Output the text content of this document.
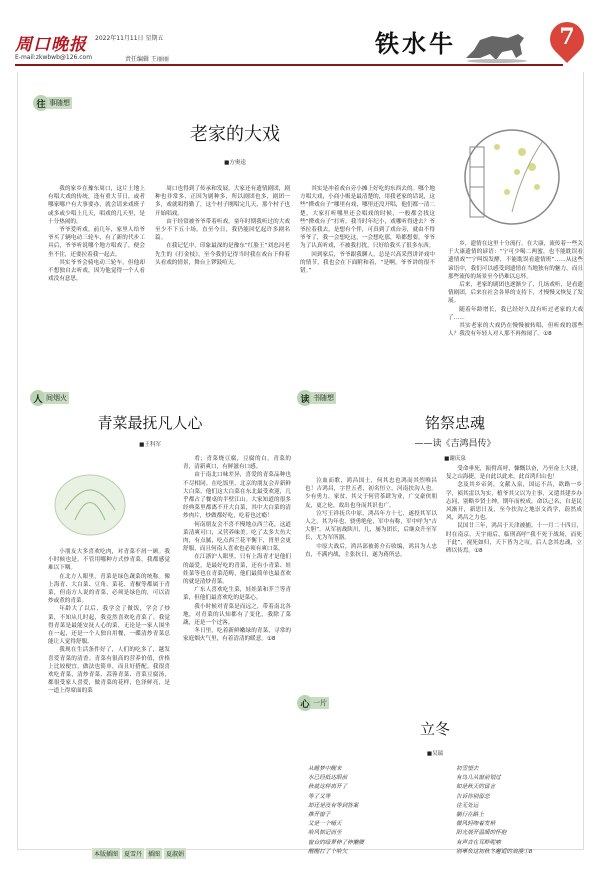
周口晚报
E-mail:zkwbwb@126.com
2022年11月11日 星期五
责任编辑 王丽丽
铁水牛	7
往 事随想
老家的大戏
■方奥逵

我的家乡在豫东周口，这片土地上有唱大戏的传统，逢有重大节日，或者哪家哪户有大事要办，就会请来戏班子或多或少唱上几天，唱戏的几天里，是十分热闹的。

爷爷爱听戏。前几年，家里人给爷爷买了辆电动三轮车，有了新的代步工具后，爷爷听说哪个地方唱戏了，便会坐不住，还要拉着我一起去。

其实爷爷会骑电动三轮车，但他却不想独自去听戏，因为他觉得一个人看戏没有意思。

周口也得到了传承和发展。大家还有遗情剧团，剧种也非常多，正因为剧种多，所以剧团也多，剧团一多，戏就唱得勤了，这个村子刚唱完几天，那个村子也开始唱戏。

由于经常被爷爷带着听戏，童年时期我听过的大戏至少不下五十场，直至今日，我仍能回忆起许多剧名篇。

在我记忆中，印象最深的是豫东“红脸王”刘忠河老先生的《打金枝》，至今我仍记得当时我在戏台下仰着头看戏的情景，舞台上锣鼓喧天。

其实是冲着戏台旁小摊上好吃的东西去的。哪个地方唱大戏，小商小贩是最清楚的，用我老家的话说，这些“撵戏台子”哪里有戏，哪里还没开唱，他们都一清二楚，大家打听哪里还会唱戏的时候，一般都会找这些“撵戏台子”打听。我当时年纪小，戏哪听得进去？爷爷拉着我去，是想有个伴，可真到了戏台旁，就由不得爷爷了，我一会想吃这，一会想吃那，哈都想要。爷爷为了认真听戏，不被我打扰，只好给我买了很多东西。

回到家后，爷爷跟我聊人，总是兴高采烈讲评戏中的情节，我也会在下面附和着，“是啊，爷爷讲的很不错。”

乡，遗情在这里十分流行。在大康，流传着一些关于大康遗情的谚语：“宁可少喝二两蜜，也不能耽误看遗情戏”“宁叫饭发酵，不能耽误看遗情班”……从这些谚语中，我们可以感受到遗情在当地独有的魅力，而且那些流传的场景至今仍难以忘怀。

后来，老家的剧团也逐渐少了，几场戏听，是看遗情剧团，后来在社会各界的支持下，才慢慢又恢复了发展。

随着年龄增长，我已经好久没有听过老家的大戏了……

其实老家的大戏仍在慢慢被转唱，但听戏的那些人？我没有年轻人对人那不再热闹了。①8

人 间烟火
青菜最抚凡人心
■王科军

小朋友大多喜欢吃肉，对青菜不屑一顾。我小时候也是，不管用哪种方式炒青菜，我都感觉难以下咽。

在北方人眼里，青菜是绿色蔬菜的统称。像上海青、大白菜、豆角、菜花、青椒等都属于青菜，但南方人说的青菜，必须是绿色的，可以清炒或煮的青菜。

年龄大了以后，我学会了做饭，学会了炒菜，不知从几时起，我竟然喜欢吃青菜了。我觉得青菜是最能安抚人心的菜，无论是一家人围坐在一起，还是一个人独自用餐，一碟清炒青菜总能让人觉得舒服。

我现在生活条件好了，人们的吃多了，越发喜爱青菜的清香。青菜有很高的营养价值，价格上比较便宜，做法也简单，而且好搭配。我很喜欢吃青菜，清炒青菜、蒜蓉青菜、青菜豆腐汤，都很受家人喜爱，做青菜的花样，色泽鲜亮，是一道上得席面的菜

肴；青菜烧豆腐，豆腐的白，青菜的青，清新爽口，有鲜滋有口感。

由于南北口味差异，喜爱的青菜品种也不尽相同。在吃饭里，北京的朋友会弄新鲜大白菜，他们这大白菜在东北最受欢迎，几乎都占了餐桌的半壁江山。大家知道的很多经典菜里都离不开大白菜，其中大白菜的清炒肉片，炒做都好吃，吃着也过瘾！

何南朋友会不喜不慢地点西兰花，这道菜清爽可口，又营养味美。吃了太多大鱼大肉，有点腻，吃点西兰花平衡下，胃里会更舒服，而且何南人喜欢也必须有爽口菜。

在江浙沪人眼里，只有上海青才是他们的最爱，是最好吃的青菜，还有小青菜、娃娃菜等也在青菜范畴，他们最简单也最喜欢的就是清炒青菜。

广东人喜欢吃生菜，娃娃菜和芥兰等青菜，但他们最喜欢吃的是菜心。

我小时候对青菜是而远之，带着南北各地，对青菜的认知都有了变化，我除了菜蔬，还是一个过客。

冬日里，吃着新鲜嫩绿的青菜，寻常的家庭烟火气里，有着清清的暖意。①8

本版插图	夏雪丹	插图	夏淑娟
读 书随想
铭祭忠魂
——读《吉鸿昌传》
■谢庆泉

泣血而歌，鸿昌国士，何其忠也鸿而其烈唯昌也！吉鸿昌，字世五者，初名恒立，河南扶沟人也。少有勇力，家贫，其父于何营茶肆为业，广交豪侠朋友，更之伦，故出也身而其识也广。

泣写王祥抚兵中原，鸿昌年方十七，遂投其军以人之。其为年也，骁勇绝伦，军中有称，军中呼为“吉大胆”。从军初战陕川，几，屡为团长，后继众升至军长，尤为军所器。

中原大战后，鸿昌部被蒋介石收编，鸿昌为人忠直，不满内战，主张抗日，遂为蒋所忌。

受命垂死，振臂高呼，慷慨以奋，乃至奋上大捷，复之山海捷，是自此以此来，此首鸿归山也！

念及其乡帝剑，文献入泉，国运不昌，欲路一乡学，祯其雷以为实，植爷其父以为主事，又遣其建乡办志同，别略乡贤士绅，期年而校成，命以己名，自是民风渐开，新思日及，至今扶沟之地崇文尚学，蔚然成风，鸿昌之力也。

民国廿三年，鸿昌于天津被捕，十一月二十四日，时在南京，天宇雨后，临刑高呼“我不死于战场，而死于此”，视死如归，天下皆为之叹，后人念其忠魂，立碑以传焉。①8

心 一片
立冬
■吴瑞
从睡梦中醒来
水已经抵达眼前
秋就这样离开了
等了又等
却还是没有等到答案
推开窗子
又是一个晴天
哈风惦记而至
窗台的绿萝伸了伸懒腰
醒醒打了个哈欠
初雪望去
有鸟儿从窗前划过
如是秋天的留言
告诉你别留恋
往无处远
躺行在路上
微风轻吻着发梢
阳光展开温暖的怀抱
有声音在耳畔呢喃
别辜负这初秋冬邂逅的浪漫①8
